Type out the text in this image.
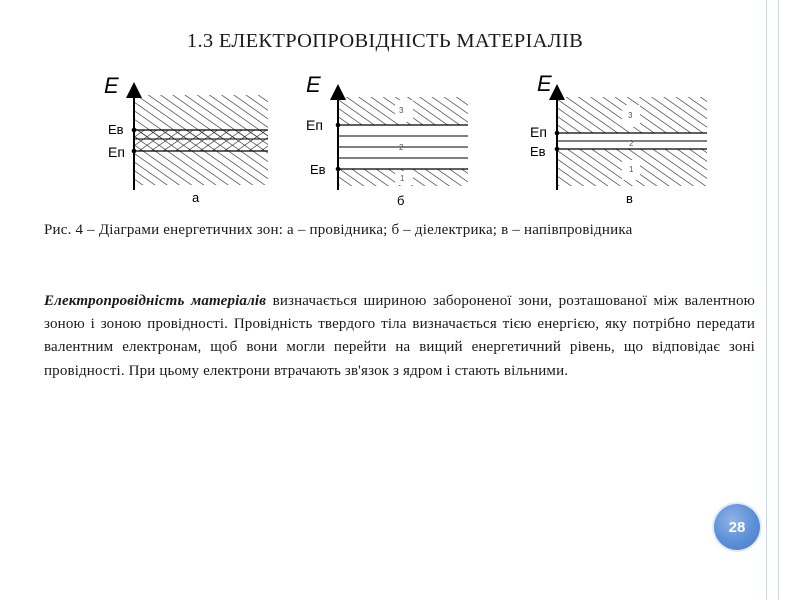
1.3 ЕЛЕКТРОПРОВІДНІСТЬ МАТЕРІАЛІВ
E
Ев
Еп
а
E
Еп
Ев
3
2
1
б
E
Еп
Ев
3
2
1
в
Рис. 4 – Діаграми енергетичних зон: а – провідника; б – діелектрика; в – напівпровідника
Електропровідність матеріалів визначається шириною забороненої зони, розташованої між валентною зоною і зоною провідності. Провідність твердого тіла визначається тією енергією, яку потрібно передати валентним електронам, щоб вони могли перейти на вищий енергетичний рівень, що відповідає зоні провідності. При цьому електрони втрачають зв'язок з ядром і стають вільними.
28
